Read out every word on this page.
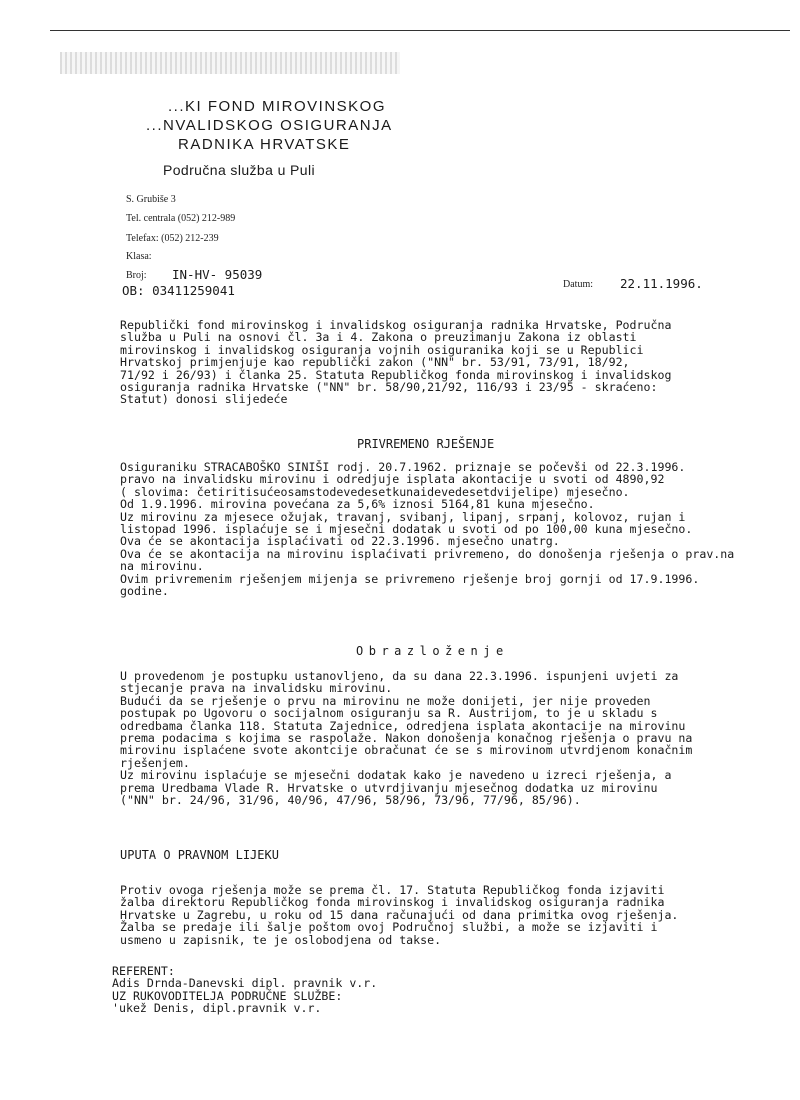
...KI FOND MIROVINSKOG
...NVALIDSKOG OSIGURANJA
RADNIKA HRVATSKE
Područna služba u Puli
S. Grubiše 3
Tel. centrala (052) 212-989
Telefax: (052) 212-239
Klasa:
Broj: IN-HV- 95039
OB: 03411259041	Datum: 22.11.1996.
Republički fond mirovinskog i invalidskog osiguranja radnika Hrvatske, Područna
služba u Puli na osnovi čl. 3a i 4. Zakona o preuzimanju Zakona iz oblasti
mirovinskog i invalidskog osiguranja vojnih osiguranika koji se u Republici
Hrvatskoj primjenjuje kao republički zakon ("NN" br. 53/91, 73/91, 18/92,
71/92 i 26/93) i članka 25. Statuta Republičkog fonda mirovinskog i invalidskog
osiguranja radnika Hrvatske ("NN" br. 58/90,21/92, 116/93 i 23/95 - skraćeno:
Statut) donosi slijedeće
PRIVREMENO RJEŠENJE
Osiguraniku STRACABOŠKO SINIŠI rodj. 20.7.1962. priznaje se počevši od 22.3.1996.
pravo na invalidsku mirovinu i odredjuje isplata akontacije u svoti od 4890,92
( slovima: četiritisućeosamstodevedesetkunaidevedesetdvijelipe) mjesečno.
Od 1.9.1996. mirovina povećana za 5,6% iznosi 5164,81 kuna mjesečno.
Uz mirovinu za mjesece ožujak, travanj, svibanj, lipanj, srpanj, kolovoz, rujan i
listopad 1996. isplaćuje se i mjesečni dodatak u svoti od po 100,00 kuna mjesečno.
Ova će se akontacija isplaćivati od 22.3.1996. mjesečno unatrg.
Ova će se akontacija na mirovinu isplaćivati privremeno, do donošenja rješenja o prav.na
na mirovinu.
Ovim privremenim rješenjem mijenja se privremeno rješenje broj gornji od 17.9.1996.
godine.
Obrazloženje
U provedenom je postupku ustanovljeno, da su dana 22.3.1996. ispunjeni uvjeti za
stjecanje prava na invalidsku mirovinu.
Budući da se rješenje o prvu na mirovinu ne može donijeti, jer nije proveden
postupak po Ugovoru o socijalnom osiguranju sa R. Austrijom, to je u skladu s
odredbama članka 118. Statuta Zajednice, odredjena isplata akontacije na mirovinu
prema podacima s kojima se raspolaže. Nakon donošenja konačnog rješenja o pravu na
mirovinu isplaćene svote akontcije obračunat će se s mirovinom utvrdjenom konačnim
rješenjem.
Uz mirovinu isplaćuje se mjesečni dodatak kako je navedeno u izreci rješenja, a
prema Uredbama Vlade R. Hrvatske o utvrdjivanju mjesečnog dodatka uz mirovinu
("NN" br. 24/96, 31/96, 40/96, 47/96, 58/96, 73/96, 77/96, 85/96).
UPUTA O PRAVNOM LIJEKU
Protiv ovoga rješenja može se prema čl. 17. Statuta Republičkog fonda izjaviti
žalba direktoru Republičkog fonda mirovinskog i invalidskog osiguranja radnika
Hrvatske u Zagrebu, u roku od 15 dana računajući od dana primitka ovog rješenja.
Žalba se predaje ili šalje poštom ovoj Područnoj službi, a može se izjaviti i
usmeno u zapisnik, te je oslobodjena od takse.
REFERENT:
Adis Drnda-Danevski dipl. pravnik v.r.
UZ RUKOVODITELJA PODRUČNE SLUŽBE:
'ukež Denis, dipl.pravnik v.r.
